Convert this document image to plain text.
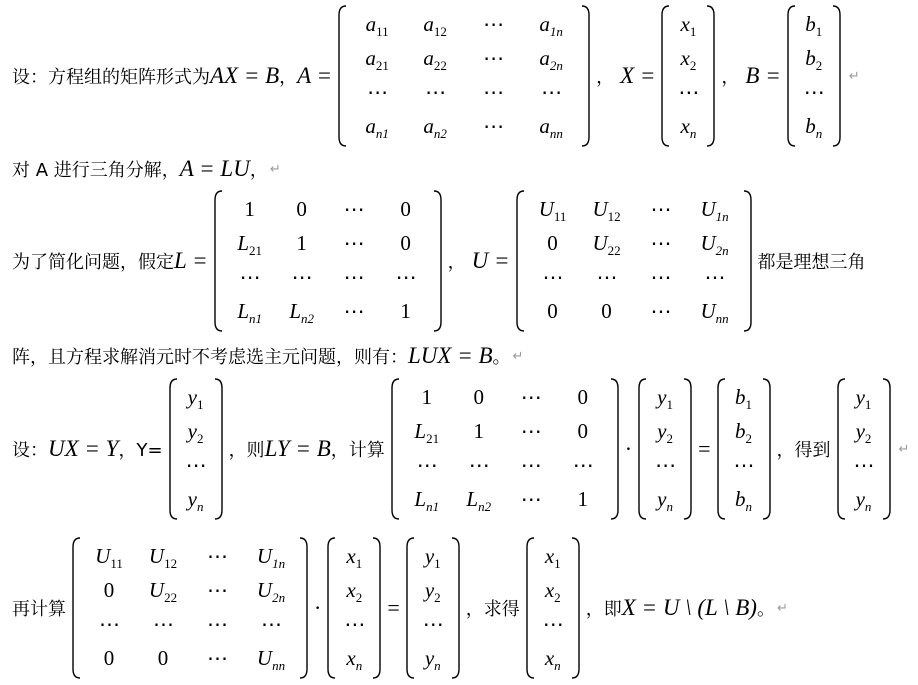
设：方程组的矩阵形式为 AX = B ， A =
$a_{11}$	$a_{12}$	⋯	$a_{1n}$
$a_{21}$	$a_{22}$	⋯	$a_{2n}$
⋯	⋯	⋯	⋯
$a_{n1}$	$a_{n2}$	⋯	$a_{nn}$
， X =
$x_1$
$x_2$
⋯
$x_n$
， B =
$b_1$
$b_2$
⋯
$b_n$
↵
对 A 进行三角分解， A = LU ， ↵
为了简化问题，假定 L =
1	0	⋯	0
$L_{21}$	1	⋯	0
⋯	⋯	⋯	⋯
$L_{n1}$	$L_{n2}$	⋯	1
， U =
$U_{11}$	$U_{12}$	⋯	$U_{1n}$
0	$U_{22}$	⋯	$U_{2n}$
⋯	⋯	⋯	⋯
0	0	⋯	$U_{nn}$
都是理想三角
阵，且方程求解消元时不考虑选主元问题，则有： LUX = B 。 ↵
设： UX = Y ，Y=
$y_1$
$y_2$
⋯
$y_n$
，则 LY = B ，计算
1	0	⋯	0
$L_{21}$	1	⋯	0
⋯	⋯	⋯	⋯
$L_{n1}$	$L_{n2}$	⋯	1
·
$y_1$
$y_2$
⋯
$y_n$
=
$b_1$
$b_2$
⋯
$b_n$
，得到
$y_1$
$y_2$
⋯
$y_n$
↵
再计算
$U_{11}$	$U_{12}$	⋯	$U_{1n}$
0	$U_{22}$	⋯	$U_{2n}$
⋯	⋯	⋯	⋯
0	0	⋯	$U_{nn}$
·
$x_1$
$x_2$
⋯
$x_n$
=
$y_1$
$y_2$
⋯
$y_n$
，求得
$x_1$
$x_2$
⋯
$x_n$
，即 X = U \ (L \ B) 。 ↵
